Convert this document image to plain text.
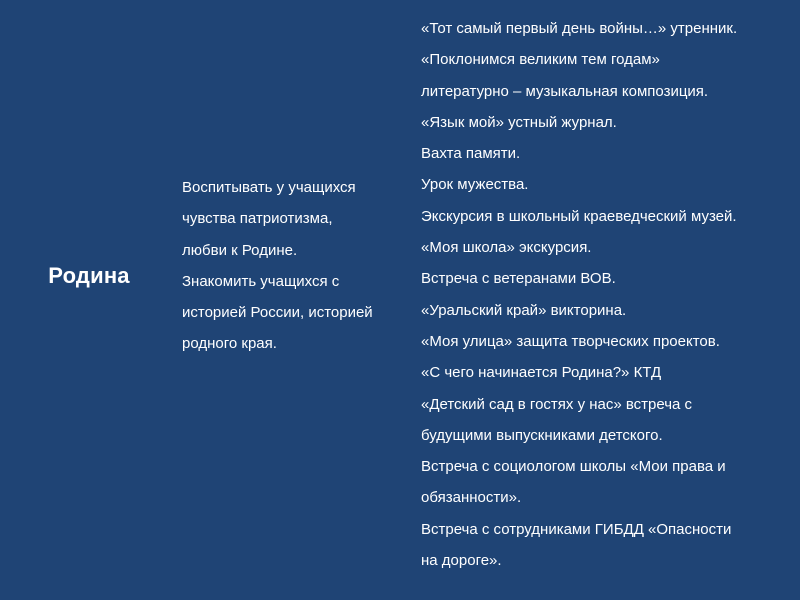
Родина
Воспитывать у учащихся
чувства патриотизма,
любви к Родине.
Знакомить учащихся с
историей России, историей
родного края.
«Тот самый первый день войны…» утренник.
«Поклонимся великим тем годам»
литературно – музыкальная композиция.
«Язык мой» устный журнал.
Вахта памяти.
Урок мужества.
Экскурсия в школьный краеведческий музей.
«Моя школа» экскурсия.
Встреча с ветеранами ВОВ.
«Уральский край» викторина.
«Моя улица» защита творческих проектов.
«С чего начинается Родина?» КТД
«Детский сад в гостях у нас» встреча с
будущими выпускниками детского.
Встреча с социологом школы «Мои права и
обязанности».
Встреча с сотрудниками ГИБДД «Опасности
на дороге».
